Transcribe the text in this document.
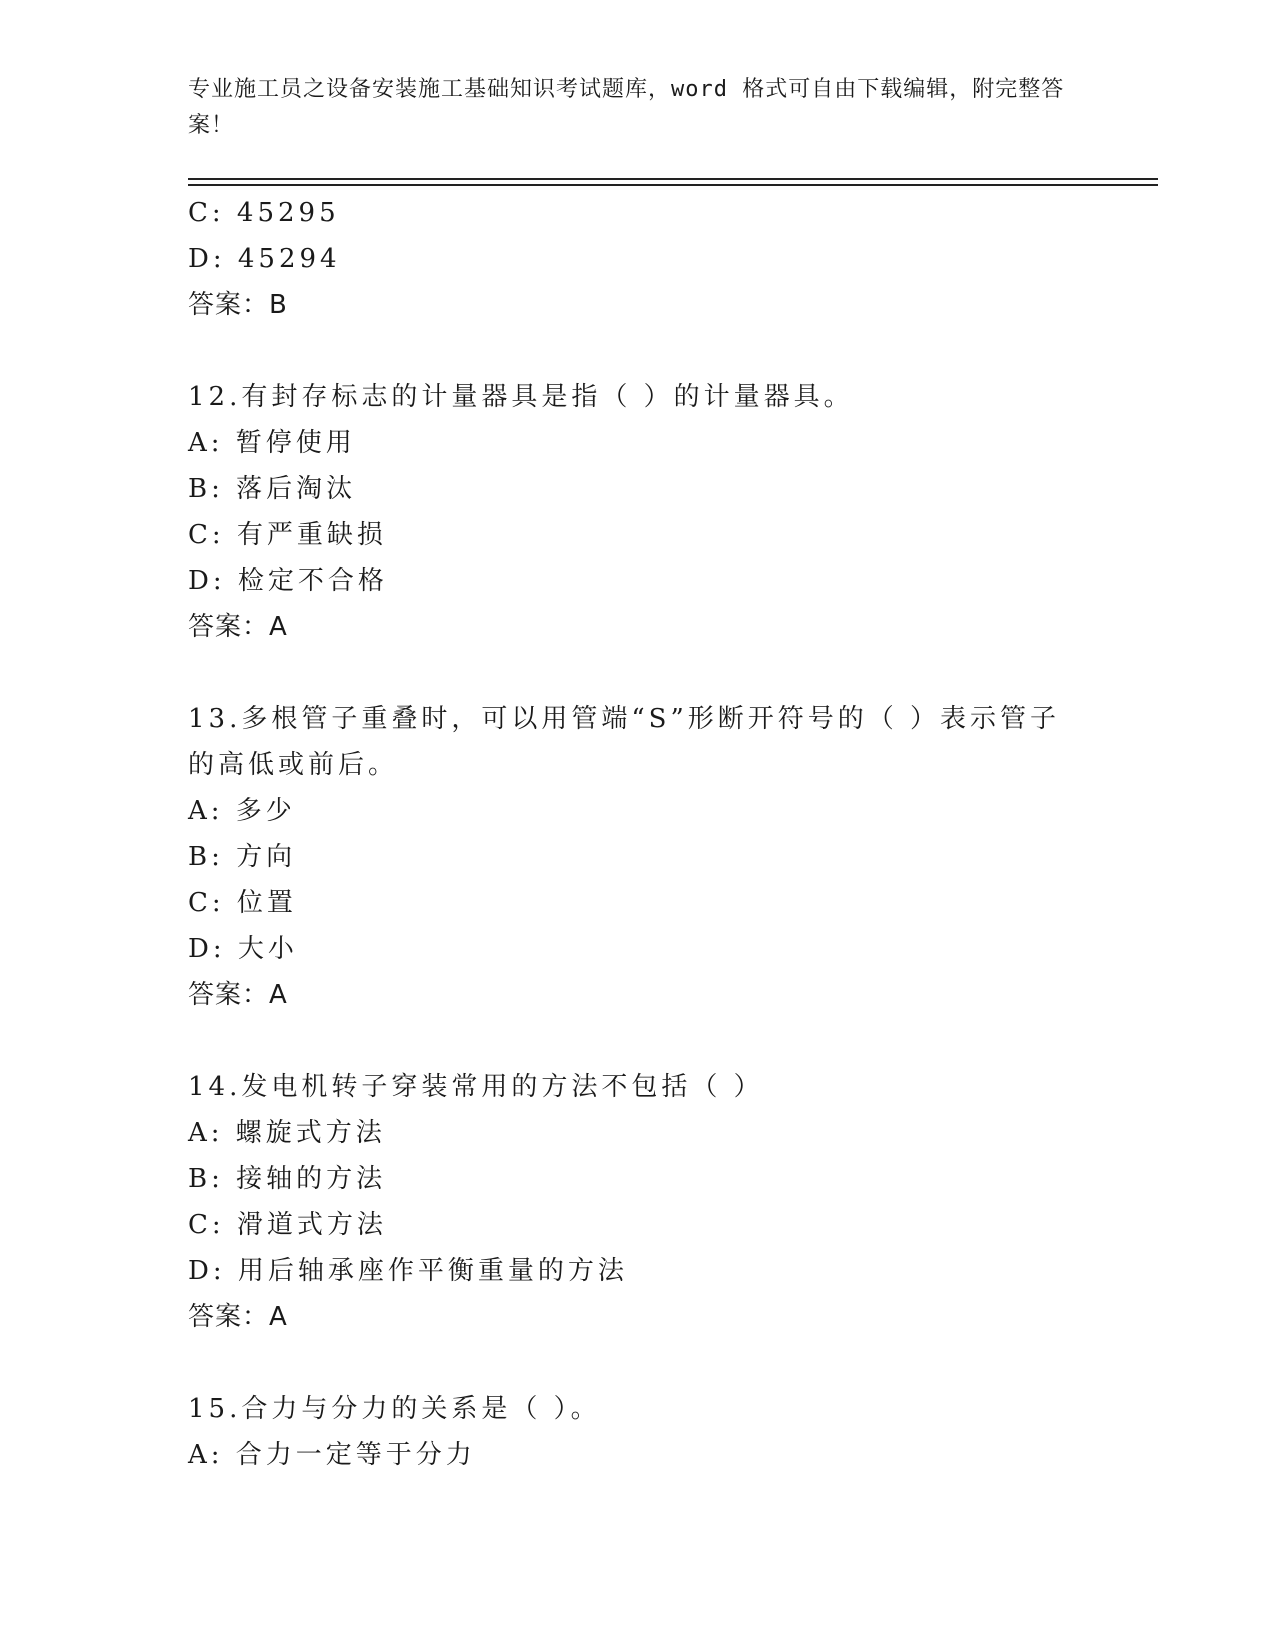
专业施工员之设备安装施工基础知识考试题库，word 格式可自由下载编辑，附完整答案！
C: 45295
D: 45294
答案：B
12.有封存标志的计量器具是指（ ）的计量器具。
A: 暂停使用
B: 落后淘汰
C: 有严重缺损
D: 检定不合格
答案：A
13.多根管子重叠时，可以用管端“S”形断开符号的（ ）表示管子的高低或前后。
A: 多少
B: 方向
C: 位置
D: 大小
答案：A
14.发电机转子穿装常用的方法不包括（ ）
A: 螺旋式方法
B: 接轴的方法
C: 滑道式方法
D: 用后轴承座作平衡重量的方法
答案：A
15.合力与分力的关系是（ ）。
A: 合力一定等于分力
